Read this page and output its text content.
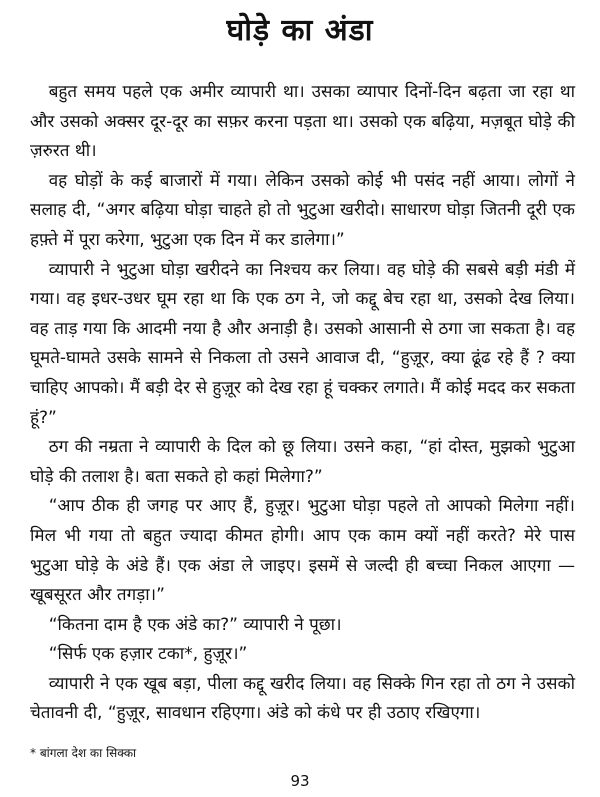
घोड़े का अंडा

बहुत समय पहले एक अमीर व्यापारी था। उसका व्यापार दिनों-दिन बढ़ता जा रहा था और उसको अक्सर दूर-दूर का सफ़र करना पड़ता था। उसको एक बढ़िया, मज़बूत घोड़े की ज़रुरत थी।

वह घोड़ों के कई बाजारों में गया। लेकिन उसको कोई भी पसंद नहीं आया। लोगों ने सलाह दी, “अगर बढ़िया घोड़ा चाहते हो तो भुटुआ खरीदो। साधारण घोड़ा जितनी दूरी एक हफ़्ते में पूरा करेगा, भुटुआ एक दिन में कर डालेगा।”

व्यापारी ने भुटुआ घोड़ा खरीदने का निश्चय कर लिया। वह घोड़े की सबसे बड़ी मंडी में गया। वह इधर-उधर घूम रहा था कि एक ठग ने, जो कद्दू बेच रहा था, उसको देख लिया। वह ताड़ गया कि आदमी नया है और अनाड़ी है। उसको आसानी से ठगा जा सकता है। वह घूमते-घामते उसके सामने से निकला तो उसने आवाज दी, “हुज़ूर, क्या ढूंढ रहे हैं ? क्या चाहिए आपको। मैं बड़ी देर से हुज़ूर को देख रहा हूं चक्कर लगाते। मैं कोई मदद कर सकता हूं?”

ठग की नम्रता ने व्यापारी के दिल को छू लिया। उसने कहा, “हां दोस्त, मुझको भुटुआ घोड़े की तलाश है। बता सकते हो कहां मिलेगा?”

“आप ठीक ही जगह पर आए हैं, हुज़ूर। भुटुआ घोड़ा पहले तो आपको मिलेगा नहीं। मिल भी गया तो बहुत ज्यादा कीमत होगी। आप एक काम क्यों नहीं करते? मेरे पास भुटुआ घोड़े के अंडे हैं। एक अंडा ले जाइए। इसमें से जल्दी ही बच्चा निकल आएगा — खूबसूरत और तगड़ा।”

“कितना दाम है एक अंडे का?” व्यापारी ने पूछा।

“सिर्फ एक हज़ार टका*, हुज़ूर।”

व्यापारी ने एक खूब बड़ा, पीला कद्दू खरीद लिया। वह सिक्के गिन रहा तो ठग ने उसको चेतावनी दी, “हुज़ूर, सावधान रहिएगा। अंडे को कंधे पर ही उठाए रखिएगा।

* बांगला देश का सिक्का
93
